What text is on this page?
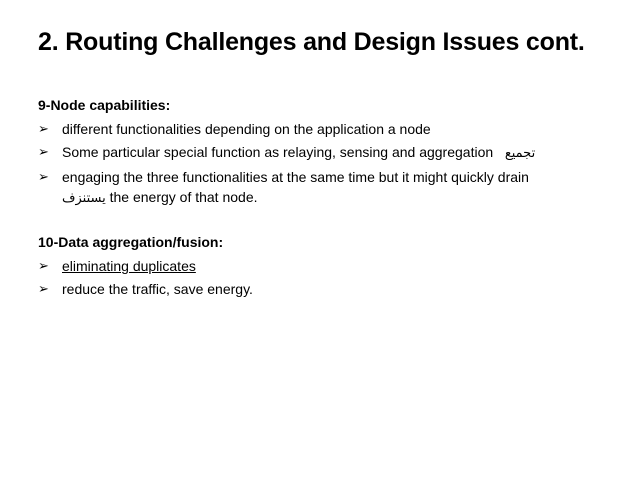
2. Routing Challenges and Design Issues cont.
9-Node capabilities:
➢ different functionalities depending on the application a node
➢ Some particular special function as relaying, sensing and aggregation تجميع
➢ engaging the three functionalities at the same time but it might quickly drain
يستنزف the energy of that node.
10-Data aggregation/fusion:
➢ eliminating duplicates
➢ reduce the traffic, save energy.
